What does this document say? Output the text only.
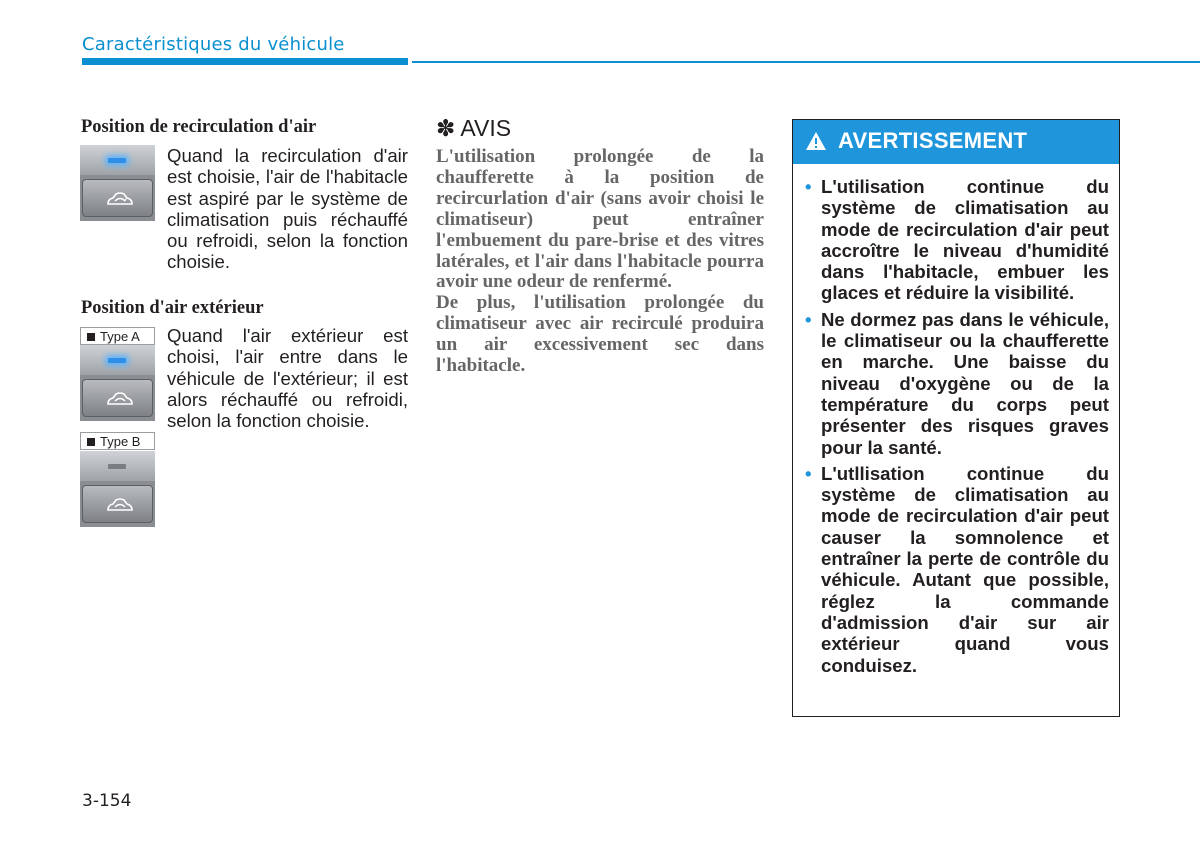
Caractéristiques du véhicule
Position de recirculation d'air
Quand la recirculation d'air est choisie, l'air de l'habitacle est aspiré par le système de climatisation puis réchauffé ou refroidi, selon la fonction choisie.
Position d'air extérieur
Type A
Type B
Quand l'air extérieur est choisi, l'air entre dans le véhicule de l'extérieur; il est alors réchauffé ou refroidi, selon la fonction choisie.
✽ AVIS
L'utilisation prolongée de la chaufferette à la position de recircurlation d'air (sans avoir choisi le climatiseur) peut entraîner l'embuement du pare-brise et des vitres latérales, et l'air dans l'habitacle pourra avoir une odeur de renfermé.
De plus, l'utilisation prolongée du climatiseur avec air recirculé produira un air excessivement sec dans l'habitacle.
AVERTISSEMENT
• L'utilisation continue du système de climatisation au mode de recirculation d'air peut accroître le niveau d'humidité dans l'habitacle, embuer les glaces et réduire la visibilité.
• Ne dormez pas dans le véhicule, le climatiseur ou la chaufferette en marche. Une baisse du niveau d'oxygène ou de la température du corps peut présenter des risques graves pour la santé.
• L'utllisation continue du système de climatisation au mode de recirculation d'air peut causer la somnolence et entraîner la perte de contrôle du véhicule. Autant que possible, réglez la commande d'admission d'air sur air extérieur quand vous conduisez.
3-154
